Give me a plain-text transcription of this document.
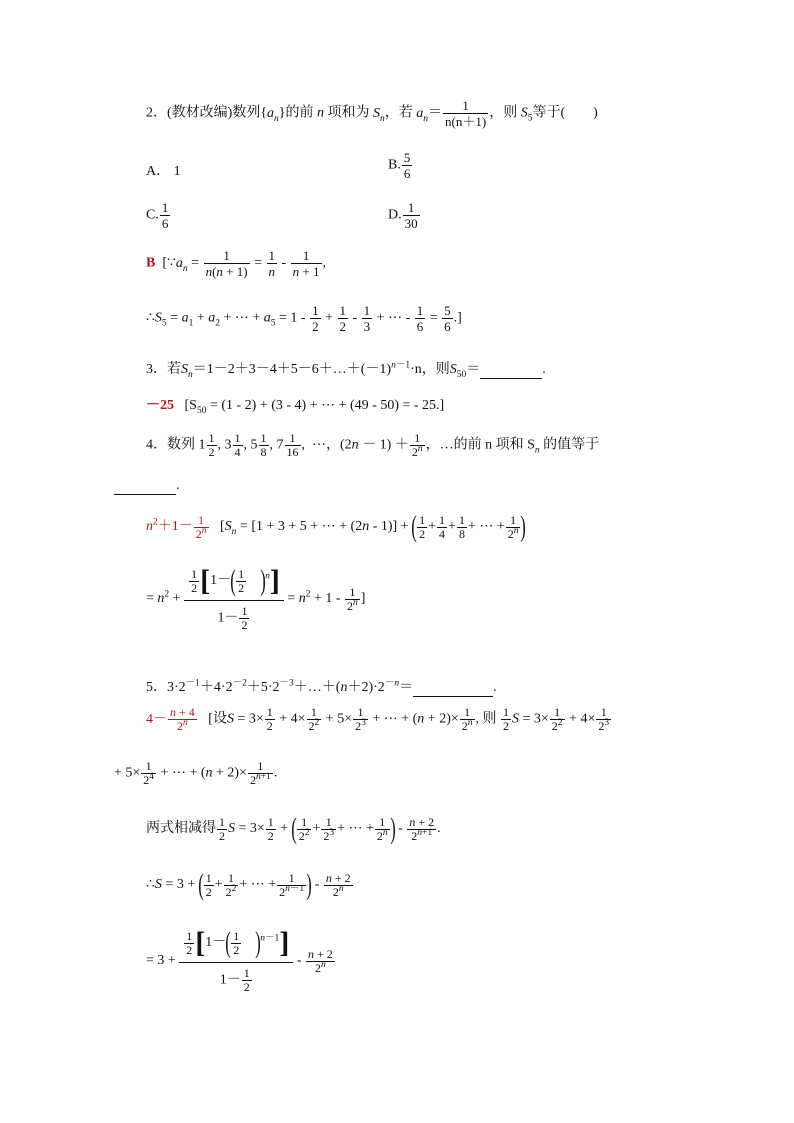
2．(教材改编)数列$\{a_n\}$的前 n 项和为 $S_n$，若 $a_n= \frac{1}{n(n+1)}$ ，则 $S_5$等于(　　)
A． 1	B. $\frac{5}{6}$
C. $\frac{1}{6}$	D. $\frac{1}{30}$
B [$\because a_n = \frac{1}{n(n + 1)} = \frac{1}{n} - \frac{1}{n + 1}$ ,
$\therefore S_5 = a_1 + a_2$ + ⋯ + $a_5 = 1 - \frac{1}{2} + \frac{1}{2} - \frac{1}{3}$ + ⋯ - $\frac{1}{6} = \frac{5}{6}$ .]
3．若$S_n=1-2+3-4+5-6+\dots+(-1)^{n-1}\cdot n$，则$S_{50}=$	.
－25 [$S_{50} = (1 - 2) + (3 - 4)$ + ⋯ + (49 - 50) = - 25.]
4．数列 $1 \frac{1}{2}$ , $3 \frac{1}{4}$ , $5 \frac{1}{8}$ , $7 \frac{1}{16}$ ,  ⋯，$(2n - 1) + \frac{1}{2^n}$ ，…的前 n 项和 $S_n$ 的值等于
.
$n^2+1- \frac{1}{2^n} [S_n = [1 + 3 + 5$ + ⋯ + (2n - 1)] + ( $\frac{1}{2} + \frac{1}{4} + \frac{1}{8}$ + ⋯ + $\frac{1}{2^n}$ )
= $n^2 + \frac{\frac{1}{2} [1-( \frac{1}{2} )^n]}{1- \frac{1}{2}} = n^2 + 1 - \frac{1}{2^n}$ ]
5．$3\cdot 2^{-1}+4\cdot 2^{-2}+5\cdot 2^{-3}+\dots+(n+2)\cdot 2^{-n}=$	.
$4- \frac{n + 4}{2^n}$ [设$S = 3\times \frac{1}{2} + 4\times \frac{1}{2^2} + 5\times \frac{1}{2^3}$ + ⋯ + $(n + 2)\times \frac{1}{2^n}$ , 则 $\frac{1}{2}$ $S = 3\times \frac{1}{2^2} + 4\times \frac{1}{2^3}$
+ $5\times \frac{1}{2^4}$ + ⋯ + $(n + 2)\times \frac{1}{2^{n+1}}$ .
两式相减得 $\frac{1}{2}$ $S = 3\times \frac{1}{2}$ + ( $\frac{1}{2^2} + \frac{1}{2^3}$ + ⋯ + $\frac{1}{2^n}$ ) - $\frac{n + 2}{2^{n+1}}$ .
∴S = 3 + ( $\frac{1}{2} + \frac{1}{2^2}$ + ⋯ + $\frac{1}{2^{n-1}}$ ) - $\frac{n + 2}{2^n}$
= $3 + \frac{\frac{1}{2} [1-( \frac{1}{2} )^{n-1}]}{1- \frac{1}{2}} - \frac{n + 2}{2^n}$
